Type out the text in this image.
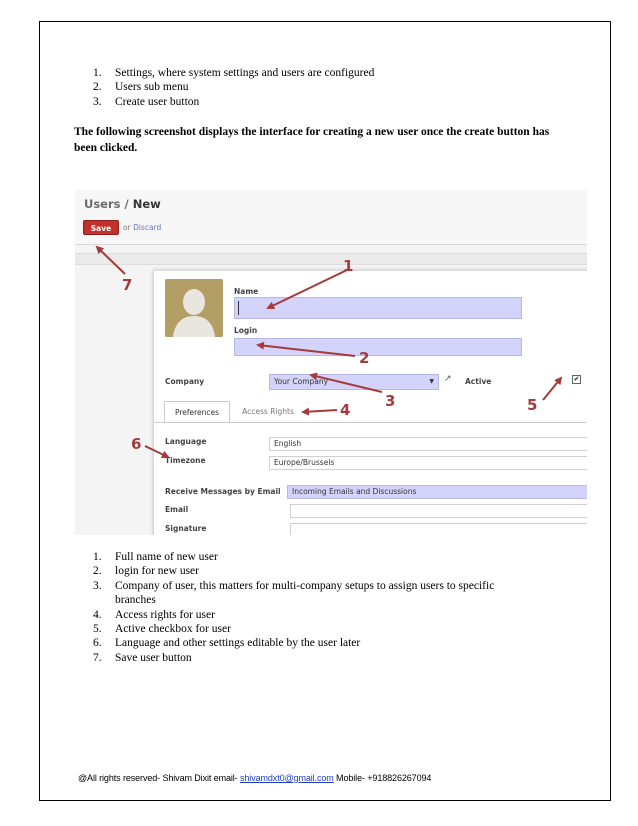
1. Settings, where system settings and users are configured
2. Users sub menu
3. Create user button
The following screenshot displays the interface for creating a new user once the create button has been clicked.
Users / New
Save	or Discard
Name
Login
Company	Your Company	▼ ↗ Active	✔
Preferences	Access Rights
Language	English
Timezone	Europe/Brussels
Receive Messages by Email	Incoming Emails and Discussions
Email
Signature
1
2
3
4	5
6
7
1. Full name of new user
2. login for new user
3. Company of user, this matters for multi-company setups to assign users to specific branches
4. Access rights for user
5. Active checkbox for user
6. Language and other settings editable by the user later
7. Save user button
@All rights reserved- Shivam Dixit email- shivamdxt0@gmail.com Mobile- +918826267094
